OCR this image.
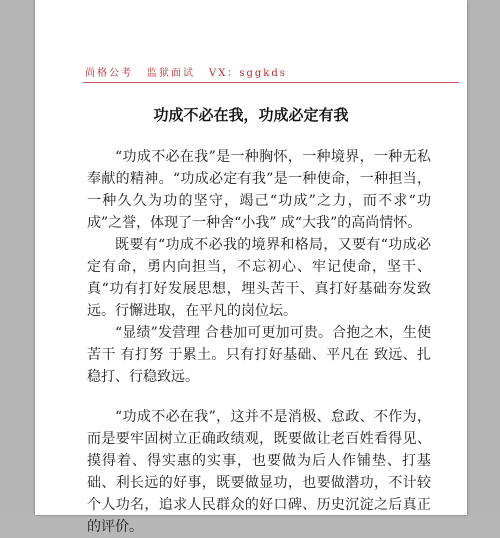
尚格公考 监狱面试 VX：sggkds
功成不必在我，功成必定有我

“功成不必在我”是一种胸怀，一种境界，一种无私奉献的精神。“功成必定有我”是一种使命，一种担当，一种久久为功的坚守，竭己“功成”之力，而不求“功成”之誉，体现了一种舍“小我” 成“大我”的高尚情怀。

既要有“功成不必我的境界和格局，又要有“功成必定有命，勇内向担当，不忘初心、牢记使命，坚干、真“功有打好发展思想，埋头苦干、真打好基础夯发致远。行懈进取，在平凡的岗位坛。

“显绩”发营理 合巷加可更加可贵。合抱之木，生使苦干 有打努 于累土。只有打好基础、平凡在 致远、扎稳打、行稳致远。

“功成不必在我”，这并不是消极、怠政、不作为，而是要牢固树立正确政绩观，既要做让老百姓看得见、摸得着、得实惠的实事，也要做为后人作铺垫、打基础、利长远的好事，既要做显功，也要做潜功，不计较个人功名，追求人民群众的好口碑、历史沉淀之后真正的评价。
